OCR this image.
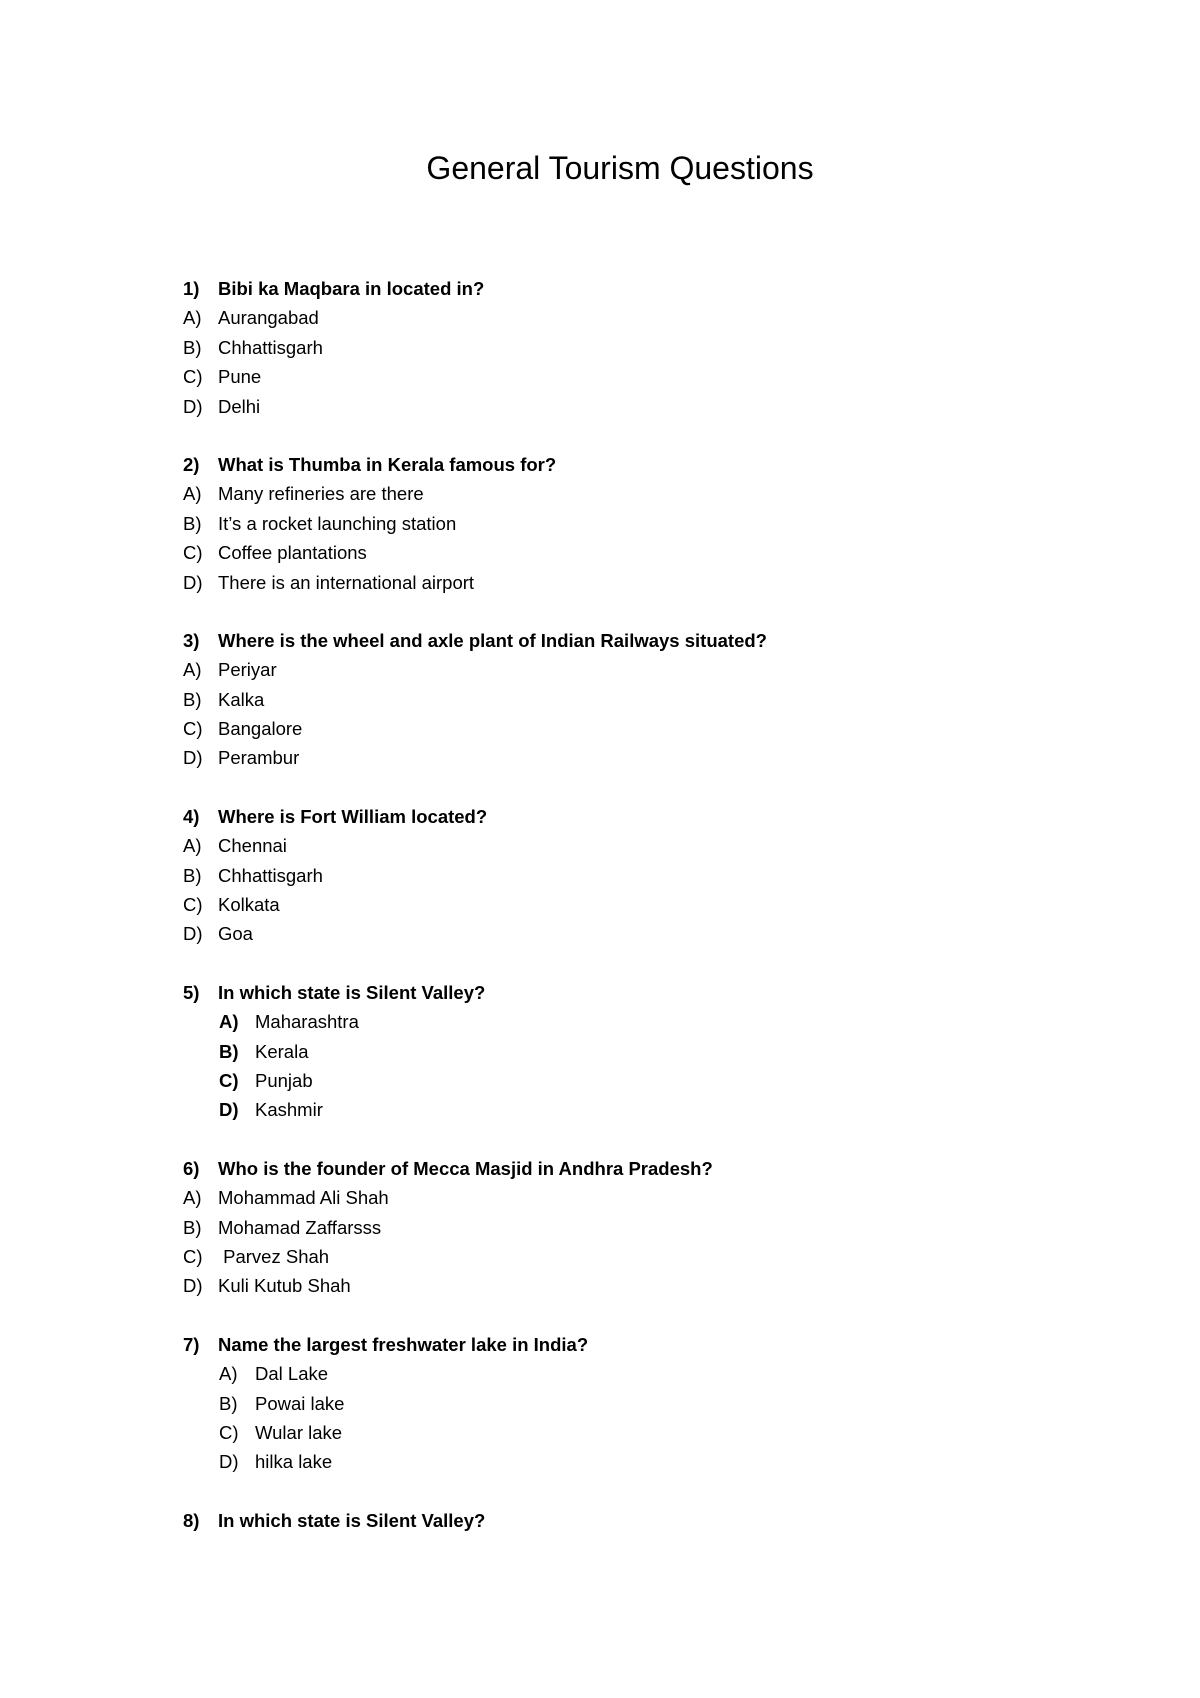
General Tourism Questions
1) Bibi ka Maqbara in located in?
A) Aurangabad
B) Chhattisgarh
C) Pune
D) Delhi
2) What is Thumba in Kerala famous for?
A) Many refineries are there
B) It’s a rocket launching station
C) Coffee plantations
D) There is an international airport
3) Where is the wheel and axle plant of Indian Railways situated?
A) Periyar
B) Kalka
C) Bangalore
D) Perambur
4) Where is Fort William located?
A) Chennai
B) Chhattisgarh
C) Kolkata
D) Goa
5) In which state is Silent Valley?
A) Maharashtra
B) Kerala
C) Punjab
D) Kashmir
6) Who is the founder of Mecca Masjid in Andhra Pradesh?
A) Mohammad Ali Shah
B) Mohamad Zaffarsss
C) Parvez Shah
D) Kuli Kutub Shah
7) Name the largest freshwater lake in India?
A) Dal Lake
B) Powai lake
C) Wular lake
D) hilka lake
8) In which state is Silent Valley?
